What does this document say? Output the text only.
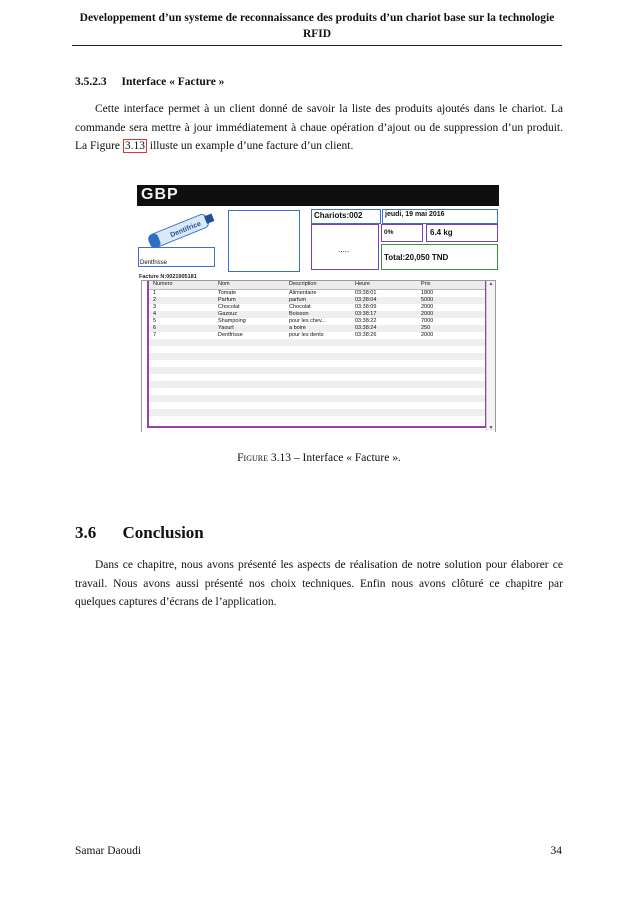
Developpement d’un systeme de reconnaissance des produits d’un chariot base sur la technologie RFID
3.5.2.3 Interface « Facture »
Cette interface permet à un client donné de savoir la liste des produits ajoutés dans le chariot. La commande sera mettre à jour immédiatement à chaue opération d’ajout ou de suppression d’un produit. La Figure 3.13 illuste un example d’une facture d’un client.
GBP
Dentifrice
Dentfrisse
Chariots:002	jeudi, 19 mai 2016
.....
0%	6.4 kg
Total:20,050 TND
Facture N:0021905181
Numero	Nom	Description	Heure	Prix
1	Tomate	Alimentaire	03:38:01	1800
2	Parfum	parfum	03:38:04	5000
3	Chocolat	Chocolat	03:38:09	2000
4	Gazouz	Boisson	03:38:17	2000
5	Shampoing	pour les chev...	03:38:22	7000
6	Yaourt	a boire	03:38:24	250
7	Dentfrisse	pour les dents	03:38:26	2000
▲
▼
Figure 3.13 – Interface « Facture ».
3.6 Conclusion
Dans ce chapitre, nous avons présenté les aspects de réalisation de notre solution pour élaborer ce travail. Nous avons aussi présenté nos choix techniques. Enfin nous avons clôturé ce chapitre par quelques captures d’écrans de l’application.
Samar Daoudi	34
